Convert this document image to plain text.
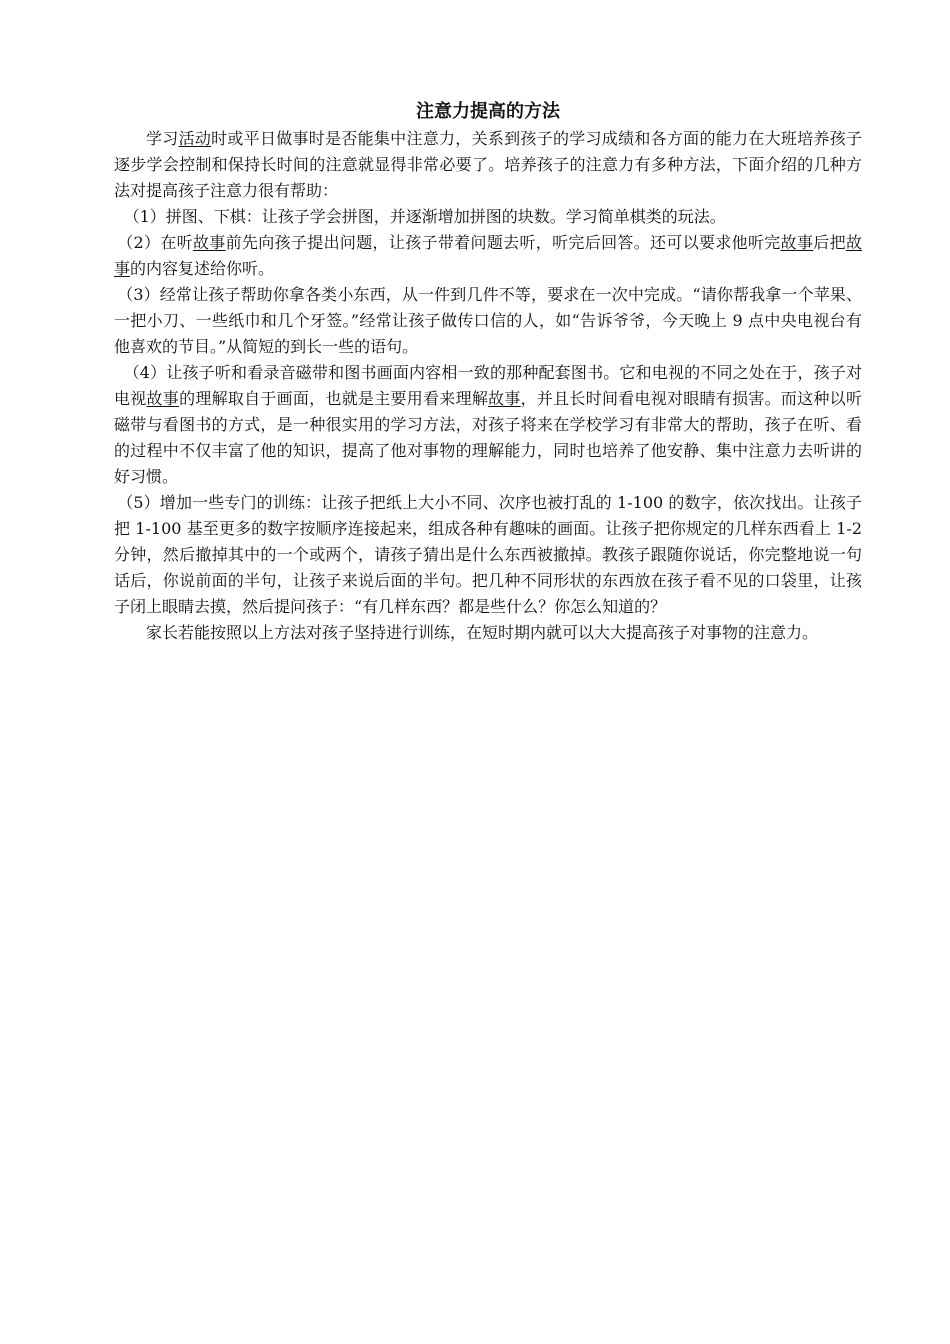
注意力提高的方法

学习活动时或平日做事时是否能集中注意力，关系到孩子的学习成绩和各方面的能力在大班培养孩子逐步学会控制和保持长时间的注意就显得非常必要了。培养孩子的注意力有多种方法，下面介绍的几种方法对提高孩子注意力很有帮助：

（1）拼图、下棋：让孩子学会拼图，并逐渐增加拼图的块数。学习简单棋类的玩法。

（2）在听故事前先向孩子提出问题，让孩子带着问题去听，听完后回答。还可以要求他听完故事后把故事的内容复述给你听。

（3）经常让孩子帮助你拿各类小东西，从一件到几件不等，要求在一次中完成。“请你帮我拿一个苹果、一把小刀、一些纸巾和几个牙签。”经常让孩子做传口信的人，如“告诉爷爷，今天晚上 9 点中央电视台有他喜欢的节目。”从简短的到长一些的语句。

（4）让孩子听和看录音磁带和图书画面内容相一致的那种配套图书。它和电视的不同之处在于，孩子对电视故事的理解取自于画面，也就是主要用看来理解故事，并且长时间看电视对眼睛有损害。而这种以听磁带与看图书的方式，是一种很实用的学习方法，对孩子将来在学校学习有非常大的帮助，孩子在听、看的过程中不仅丰富了他的知识，提高了他对事物的理解能力，同时也培养了他安静、集中注意力去听讲的好习惯。

（5）增加一些专门的训练：让孩子把纸上大小不同、次序也被打乱的 1-100 的数字，依次找出。让孩子把 1-100 基至更多的数字按顺序连接起来，组成各种有趣味的画面。让孩子把你规定的几样东西看上 1-2 分钟，然后撤掉其中的一个或两个，请孩子猜出是什么东西被撤掉。教孩子跟随你说话，你完整地说一句话后，你说前面的半句，让孩子来说后面的半句。把几种不同形状的东西放在孩子看不见的口袋里，让孩子闭上眼睛去摸，然后提问孩子：“有几样东西？都是些什么？你怎么知道的？

家长若能按照以上方法对孩子坚持进行训练，在短时期内就可以大大提高孩子对事物的注意力。
